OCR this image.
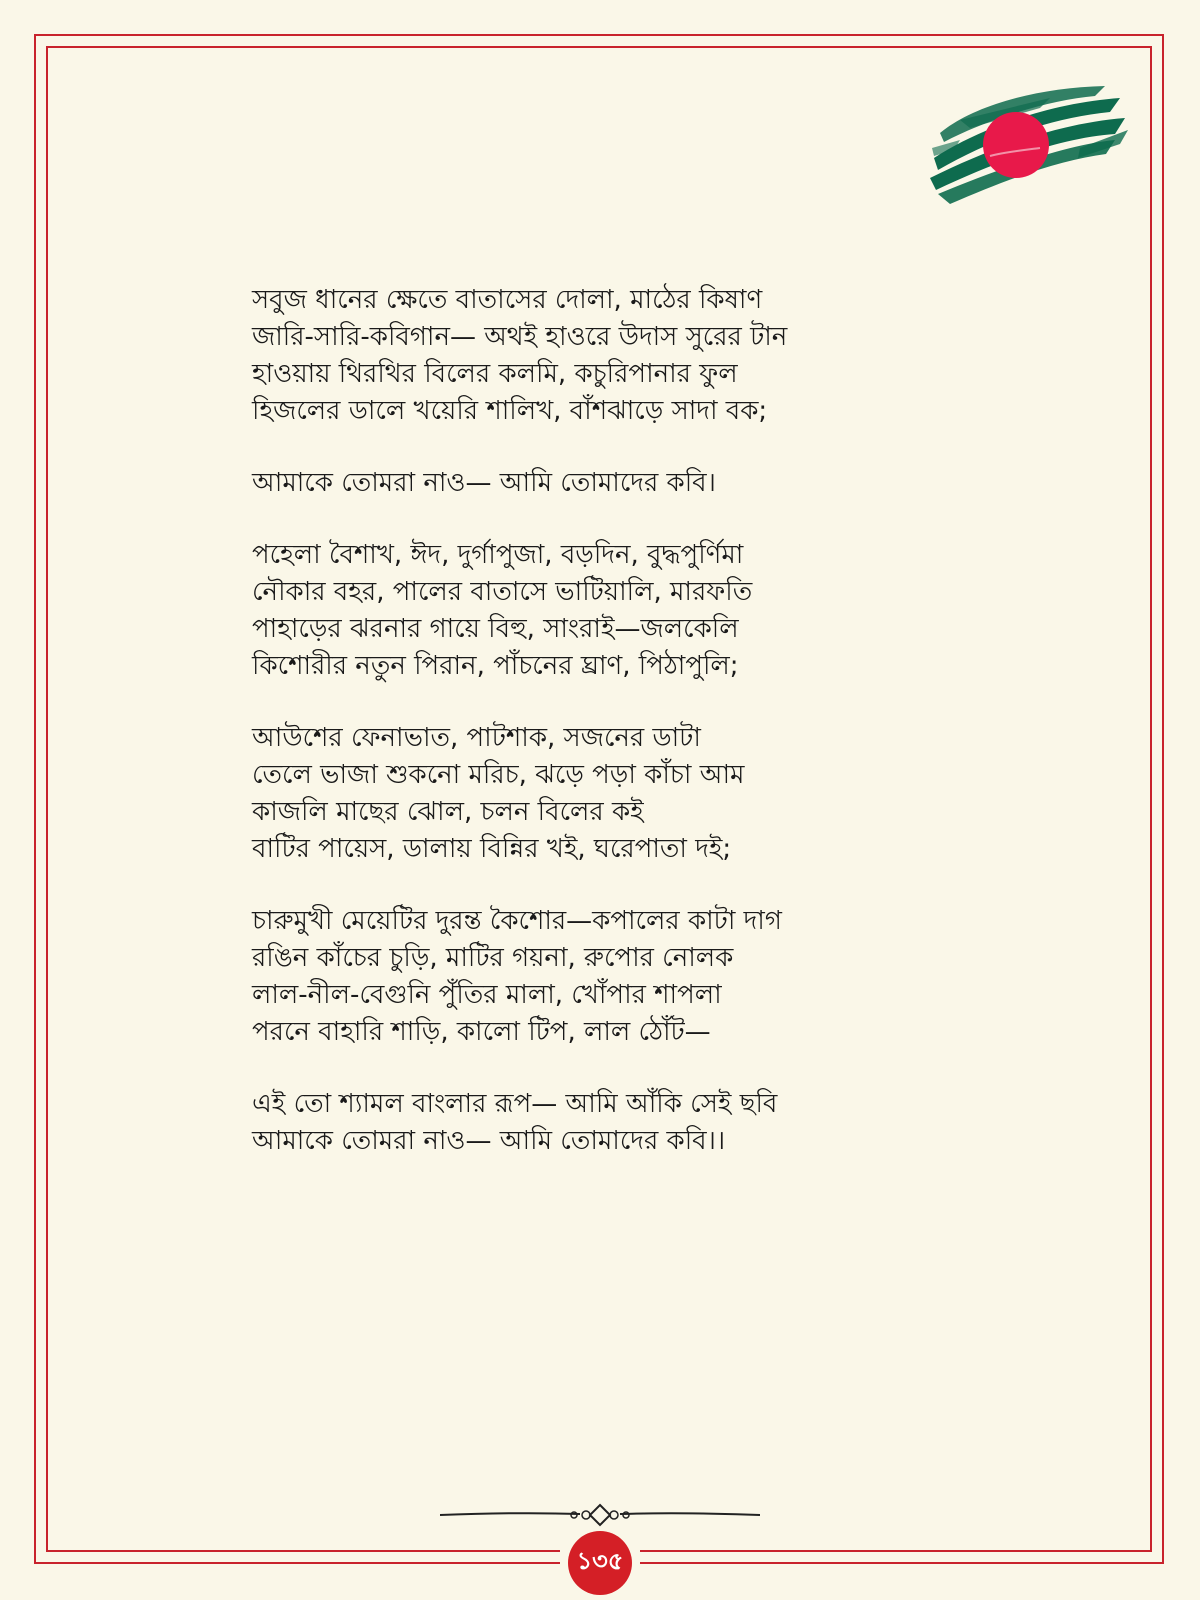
সবুজ ধানের ক্ষেতে বাতাসের দোলা, মাঠের কিষাণ
জারি-সারি-কবিগান— অথই হাওরে উদাস সুরের টান
হাওয়ায় থিরথির বিলের কলমি, কচুরিপানার ফুল
হিজলের ডালে খয়েরি শালিখ, বাঁশঝাড়ে সাদা বক;
আমাকে তোমরা নাও— আমি তোমাদের কবি।
পহেলা বৈশাখ, ঈদ, দুর্গাপুজা, বড়দিন, বুদ্ধপুর্ণিমা
নৌকার বহর, পালের বাতাসে ভাটিয়ালি, মারফতি
পাহাড়ের ঝরনার গায়ে বিহু, সাংরাই—জলকেলি
কিশোরীর নতুন পিরান, পাঁচনের ঘ্রাণ, পিঠাপুলি;
আউশের ফেনাভাত, পাটশাক, সজনের ডাটা
তেলে ভাজা শুকনো মরিচ, ঝড়ে পড়া কাঁচা আম
কাজলি মাছের ঝোল, চলন বিলের কই
বাটির পায়েস, ডালায় বিন্নির খই, ঘরেপাতা দই;
চারুমুখী মেয়েটির দুরন্ত কৈশোর—কপালের কাটা দাগ
রঙিন কাঁচের চুড়ি, মাটির গয়না, রুপোর নোলক
লাল-নীল-বেগুনি পুঁতির মালা, খোঁপার শাপলা
পরনে বাহারি শাড়ি, কালো টিপ, লাল ঠোঁট—
এই তো শ্যামল বাংলার রূপ— আমি আঁকি সেই ছবি
আমাকে তোমরা নাও— আমি তোমাদের কবি।।
১৩৫
